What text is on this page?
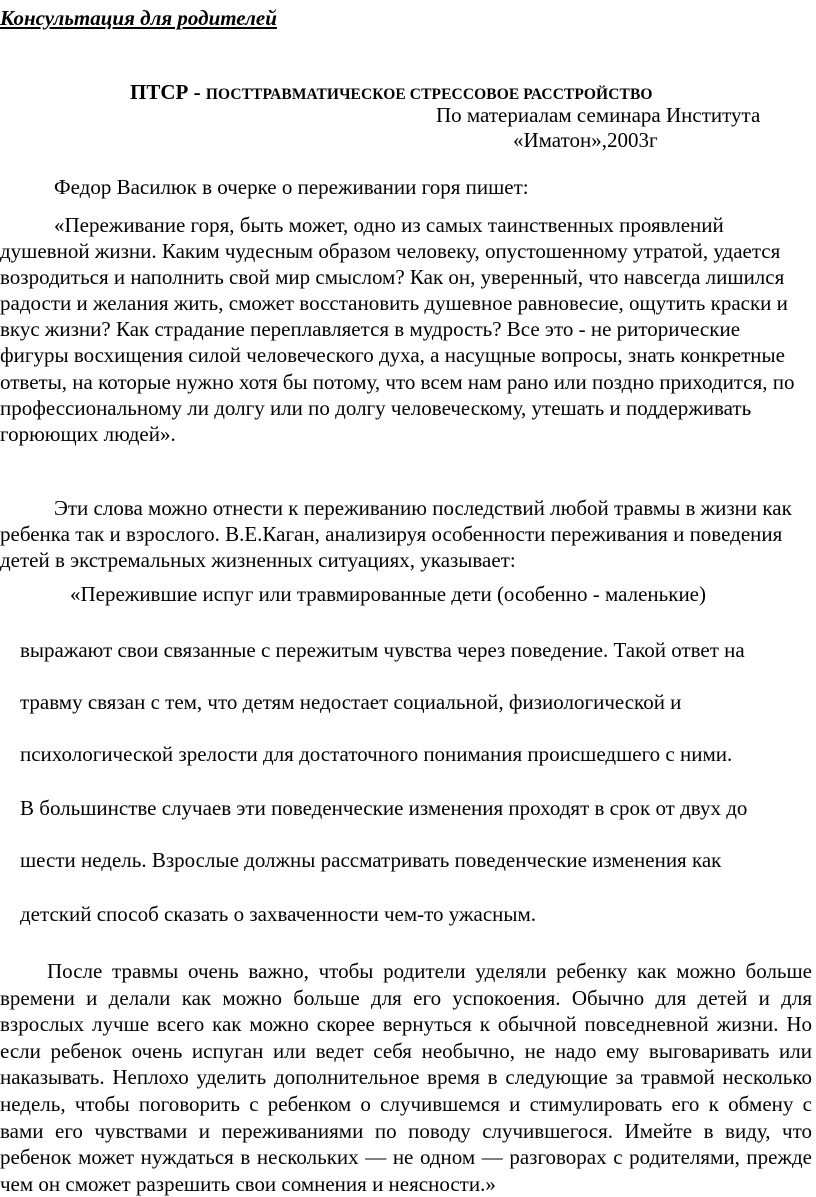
Консультация для родителей
ПТСР - ПОСТТРАВМАТИЧЕСКОЕ СТРЕССОВОЕ РАССТРОЙСТВО
По материалам семинара Института
«Иматон»,2003г

Федор Василюк в очерке о переживании горя пишет:

«Переживание горя, быть может, одно из самых таинственных проявлений душевной жизни. Каким чудесным образом человеку, опустошенному утратой, удается возродиться и наполнить свой мир смыслом? Как он, уверенный, что навсегда лишился радости и желания жить, сможет восстановить душевное равновесие, ощутить краски и вкус жизни? Как страдание переплавляется в мудрость? Все это - не риторические фигуры восхищения силой человеческого духа, а насущные вопросы, знать конкретные ответы, на которые нужно хотя бы потому, что всем нам рано или поздно приходится, по профессиональному ли долгу или по долгу человеческому, утешать и поддерживать горюющих людей».

Эти слова можно отнести к переживанию последствий любой травмы в жизни как ребенка так и взрослого. В.Е.Каган, анализируя особенности переживания и поведения детей в экстремальных жизненных ситуациях, указывает:

«Пережившие испуг или травмированные дети (особенно - маленькие)
выражают свои связанные с пережитым чувства через поведение. Такой ответ на
травму связан с тем, что детям недостает социальной, физиологической и
психологической зрелости для достаточного понимания происшедшего с ними.
В большинстве случаев эти поведенческие изменения проходят в срок от двух до
шести недель. Взрослые должны рассматривать поведенческие изменения как
детский способ сказать о захваченности чем-то ужасным.

После травмы очень важно, чтобы родители уделяли ребенку как можно больше времени и делали как можно больше для его успокоения. Обычно для детей и для взрослых лучше всего как можно скорее вернуться к обычной повседневной жизни. Но если ребенок очень испуган или ведет себя необычно, не надо ему выговаривать или наказывать. Неплохо уделить дополнительное время в следующие за травмой несколько недель, чтобы поговорить с ребенком о случившемся и стимулировать его к обмену с вами его чувствами и переживаниями по поводу случившегося. Имейте в виду, что ребенок может нуждаться в нескольких — не одном — разговорах с родителями, прежде чем он сможет разрешить свои сомнения и неясности.»
